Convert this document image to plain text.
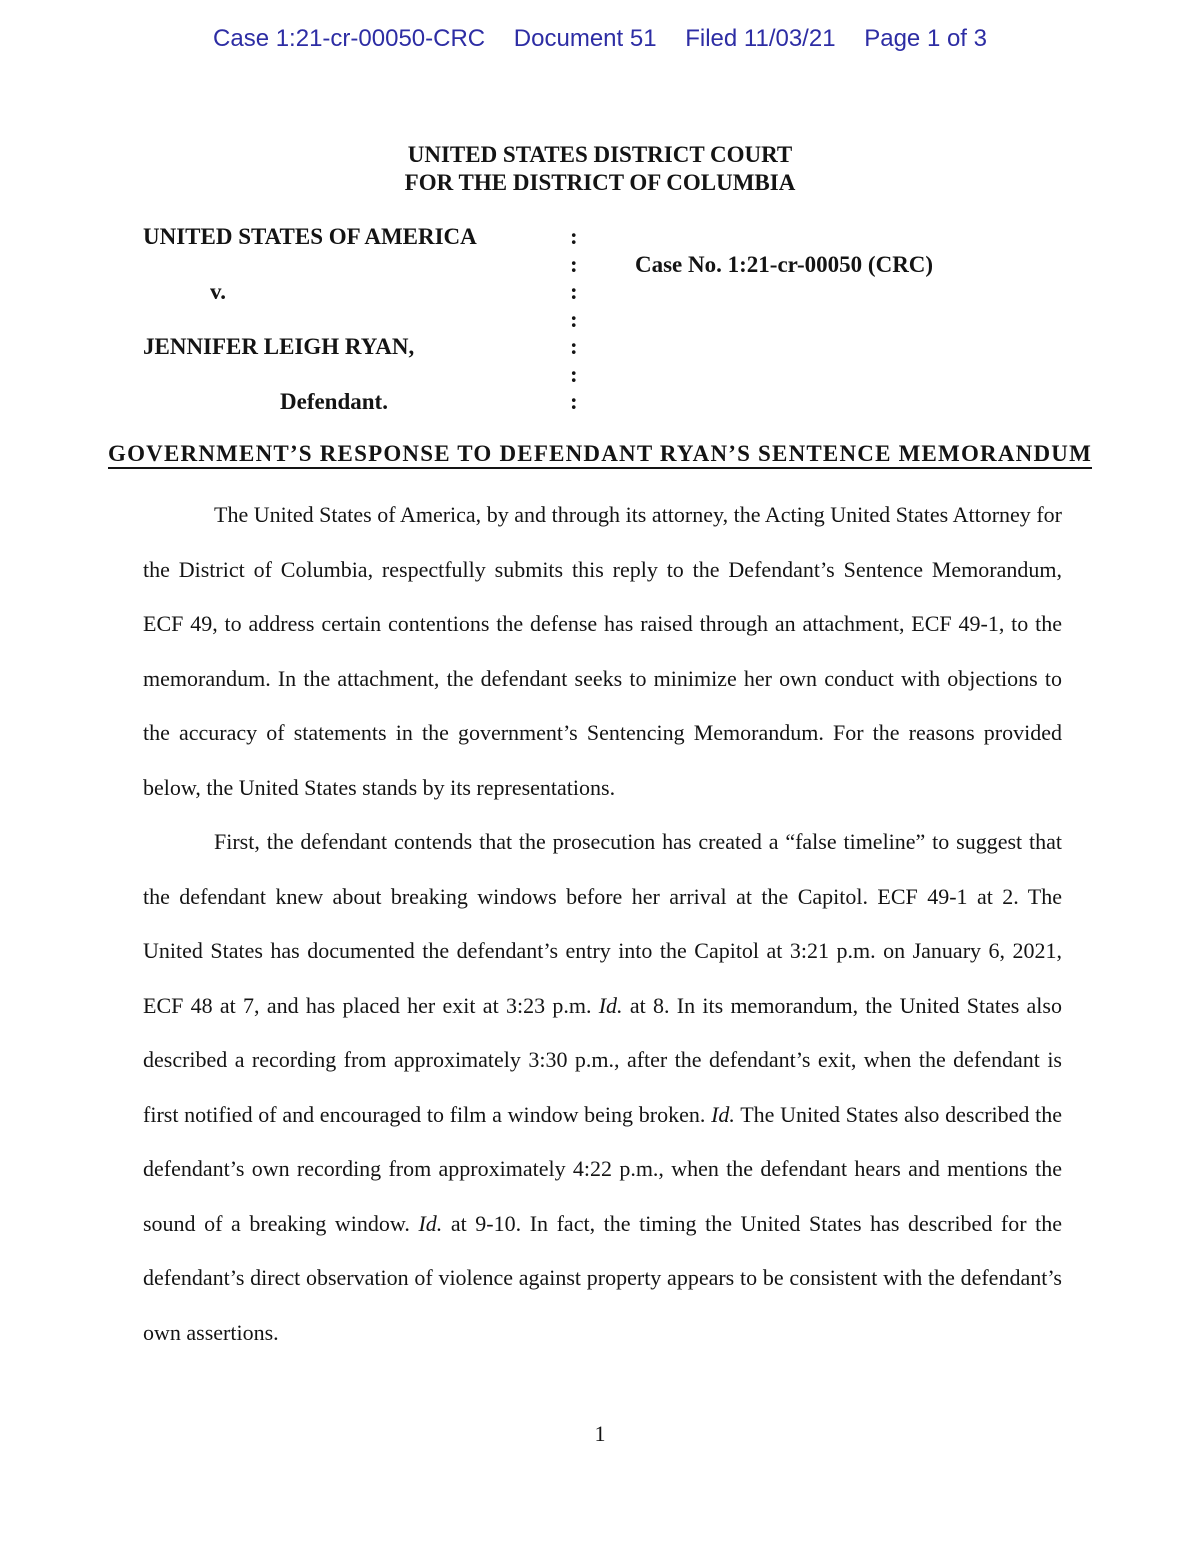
Case 1:21-cr-00050-CRC Document 51 Filed 11/03/21 Page 1 of 3
UNITED STATES DISTRICT COURT
FOR THE DISTRICT OF COLUMBIA
UNITED STATES OF AMERICA	:
:	Case No. 1:21-cr-00050 (CRC)
v.	:
:
JENNIFER LEIGH RYAN,	:
:
Defendant.	:
GOVERNMENT’S RESPONSE TO DEFENDANT RYAN’S SENTENCE MEMORANDUM

The United States of America, by and through its attorney, the Acting United States Attorney for the District of Columbia, respectfully submits this reply to the Defendant’s Sentence Memorandum, ECF 49, to address certain contentions the defense has raised through an attachment, ECF 49-1, to the memorandum. In the attachment, the defendant seeks to minimize her own conduct with objections to the accuracy of statements in the government’s Sentencing Memorandum. For the reasons provided below, the United States stands by its representations.

First, the defendant contends that the prosecution has created a “false timeline” to suggest that the defendant knew about breaking windows before her arrival at the Capitol. ECF 49-1 at 2. The United States has documented the defendant’s entry into the Capitol at 3:21 p.m. on January 6, 2021, ECF 48 at 7, and has placed her exit at 3:23 p.m. Id. at 8. In its memorandum, the United States also described a recording from approximately 3:30 p.m., after the defendant’s exit, when the defendant is first notified of and encouraged to film a window being broken. Id. The United States also described the defendant’s own recording from approximately 4:22 p.m., when the defendant hears and mentions the sound of a breaking window. Id. at 9-10. In fact, the timing the United States has described for the defendant’s direct observation of violence against property appears to be consistent with the defendant’s own assertions.

1
